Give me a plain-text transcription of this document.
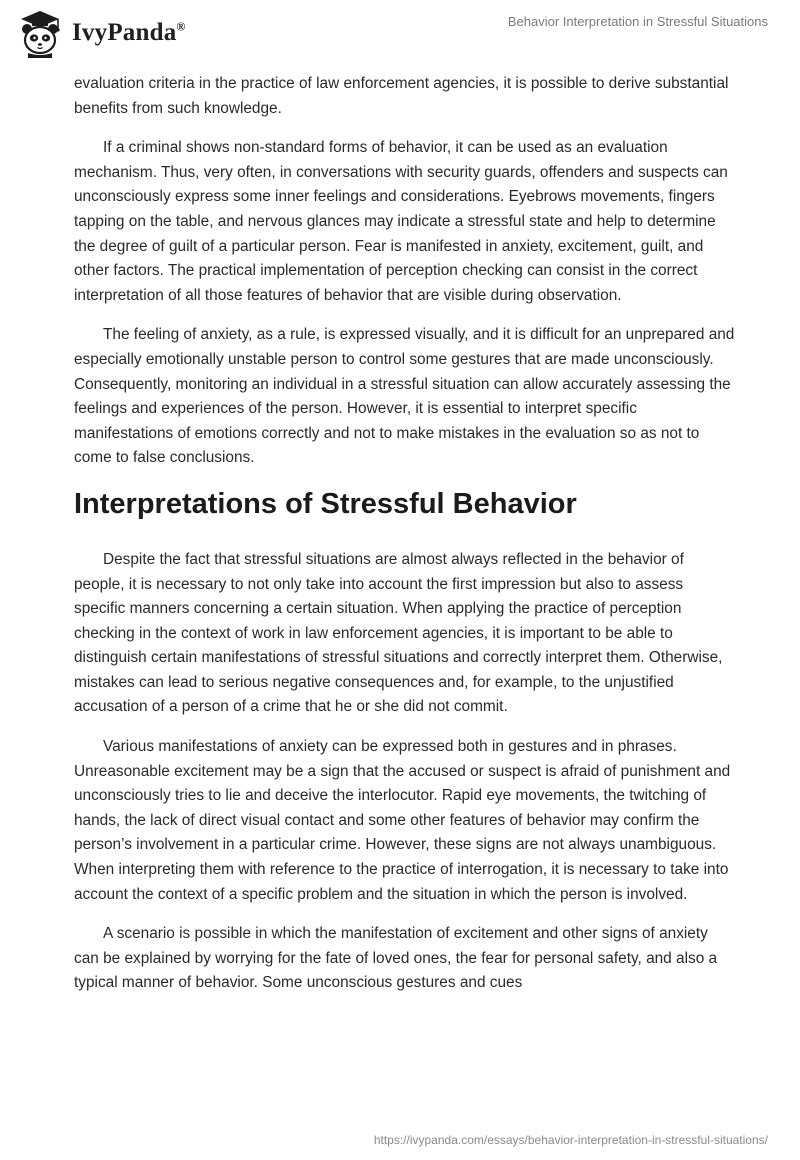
IvyPanda®	Behavior Interpretation in Stressful Situations

evaluation criteria in the practice of law enforcement agencies, it is possible to derive substantial benefits from such knowledge.

If a criminal shows non-standard forms of behavior, it can be used as an evaluation mechanism. Thus, very often, in conversations with security guards, offenders and suspects can unconsciously express some inner feelings and considerations. Eyebrows movements, fingers tapping on the table, and nervous glances may indicate a stressful state and help to determine the degree of guilt of a particular person. Fear is manifested in anxiety, excitement, guilt, and other factors. The practical implementation of perception checking can consist in the correct interpretation of all those features of behavior that are visible during observation.

The feeling of anxiety, as a rule, is expressed visually, and it is difficult for an unprepared and especially emotionally unstable person to control some gestures that are made unconsciously. Consequently, monitoring an individual in a stressful situation can allow accurately assessing the feelings and experiences of the person. However, it is essential to interpret specific manifestations of emotions correctly and not to make mistakes in the evaluation so as not to come to false conclusions.

Interpretations of Stressful Behavior

Despite the fact that stressful situations are almost always reflected in the behavior of people, it is necessary to not only take into account the first impression but also to assess specific manners concerning a certain situation. When applying the practice of perception checking in the context of work in law enforcement agencies, it is important to be able to distinguish certain manifestations of stressful situations and correctly interpret them. Otherwise, mistakes can lead to serious negative consequences and, for example, to the unjustified accusation of a person of a crime that he or she did not commit.

Various manifestations of anxiety can be expressed both in gestures and in phrases. Unreasonable excitement may be a sign that the accused or suspect is afraid of punishment and unconsciously tries to lie and deceive the interlocutor. Rapid eye movements, the twitching of hands, the lack of direct visual contact and some other features of behavior may confirm the person’s involvement in a particular crime. However, these signs are not always unambiguous. When interpreting them with reference to the practice of interrogation, it is necessary to take into account the context of a specific problem and the situation in which the person is involved.

A scenario is possible in which the manifestation of excitement and other signs of anxiety can be explained by worrying for the fate of loved ones, the fear for personal safety, and also a typical manner of behavior. Some unconscious gestures and cues

https://ivypanda.com/essays/behavior-interpretation-in-stressful-situations/
